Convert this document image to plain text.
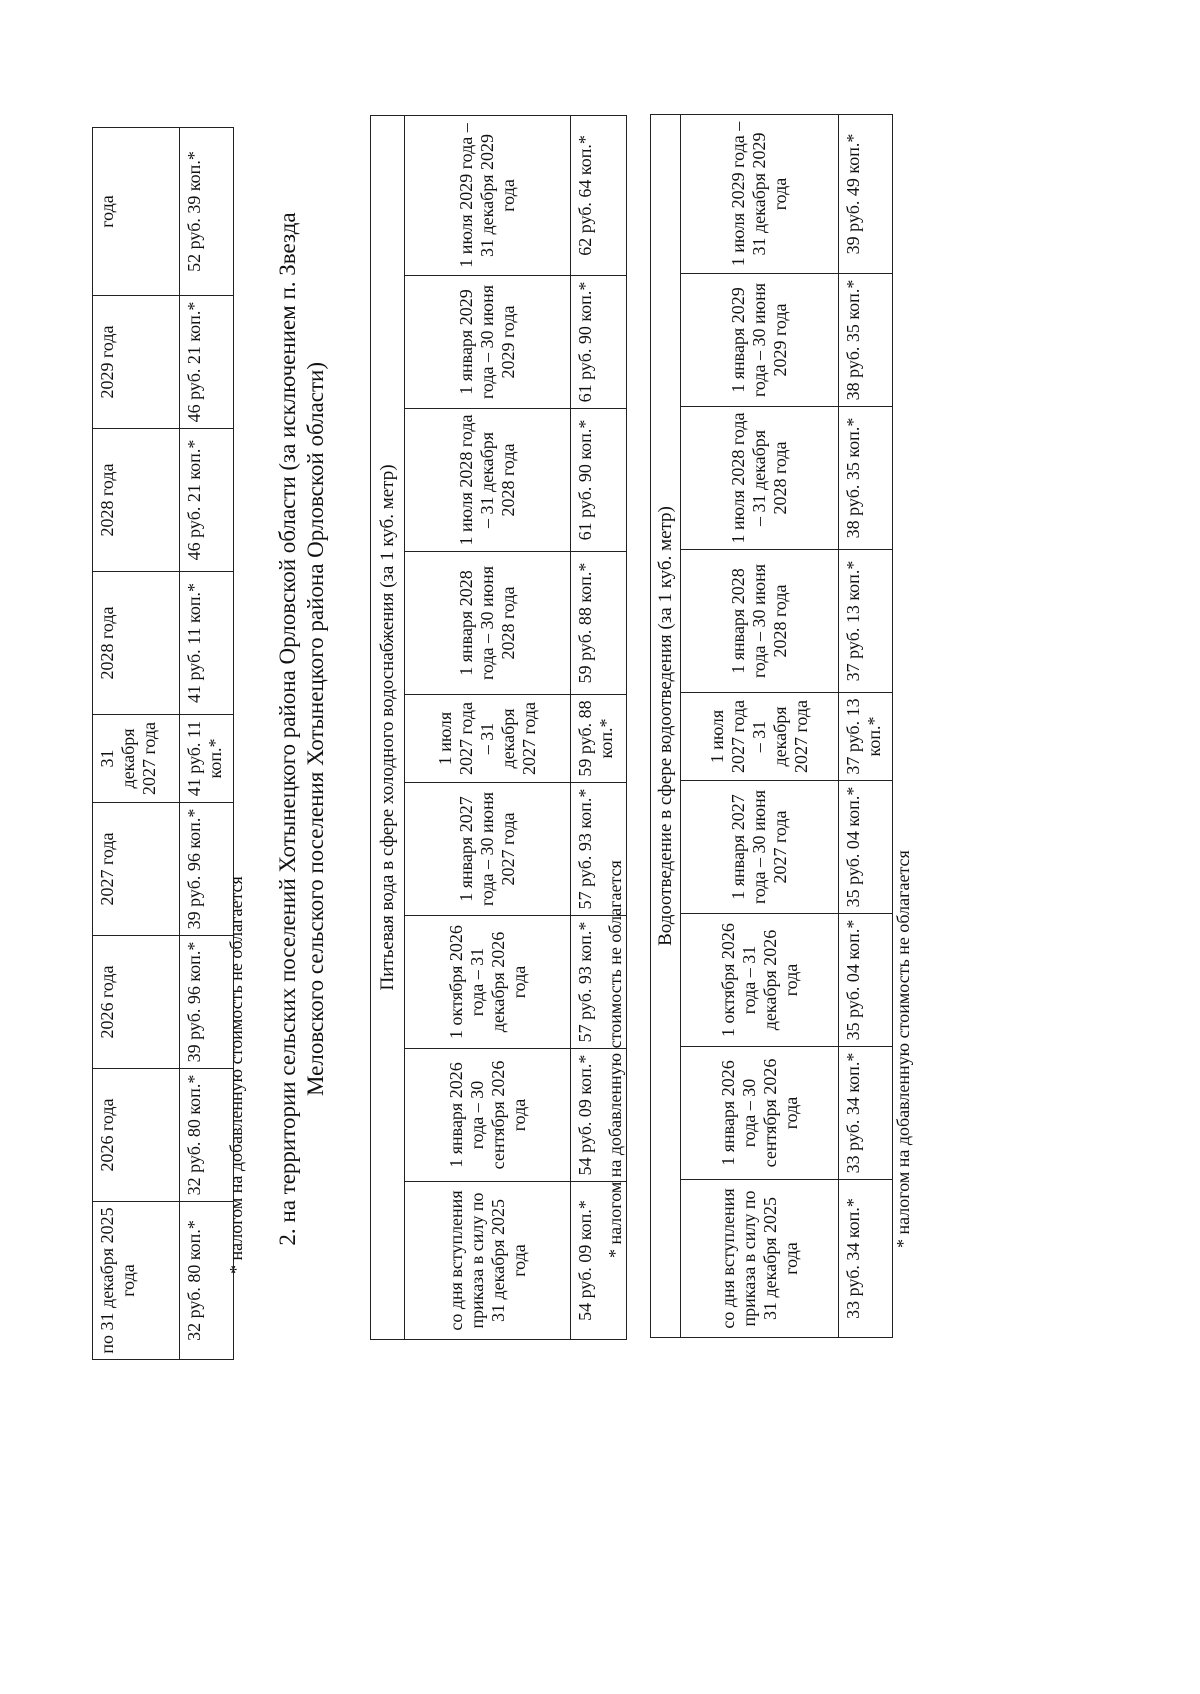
по 31 декабря 2025 года	2026 года	2026 года	2027 года	31 декабря 2027 года	2028 года	2028 года	2029 года	года
32 руб. 80 коп.*	32 руб. 80 коп.*	39 руб. 96 коп.*	39 руб. 96 коп.*	41 руб. 11 коп.*	41 руб. 11 коп.*	46 руб. 21 коп.*	46 руб. 21 коп.*	52 руб. 39 коп.*
* налогом на добавленную стоимость не облагается 2. на территории сельских поселений Хотынецкого района Орловской области (за исключением п. Звезда Меловского сельского поселения Хотынецкого района Орловской области)	Питьевая вода в сфере холодного водоснабжения (за 1 куб. метр)								
со дня вступления приказа в силу по 31 декабря 2025 года	1 января 2026 года – 30 сентября 2026 года	1 октября 2026 года – 31 декабря 2026 года	1 января 2027 года – 30 июня 2027 года	1 июля 2027 года – 31 декабря 2027 года	1 января 2028 года – 30 июня 2028 года	1 июля 2028 года – 31 декабря 2028 года	1 января 2029 года – 30 июня 2029 года	1 июля 2029 года – 31 декабря 2029 года
54 руб. 09 коп.*	54 руб. 09 коп.*	57 руб. 93 коп.*	57 руб. 93 коп.*	59 руб. 88 коп.*	59 руб. 88 коп.*	61 руб. 90 коп.*	61 руб. 90 коп.*	62 руб. 64 коп.*
* налогом на добавленную стоимость не облагается
Водоотведение в сфере водоотведения (за 1 куб. метр)								
со дня вступления приказа в силу по 31 декабря 2025 года	1 января 2026 года – 30 сентября 2026 года	1 октября 2026 года – 31 декабря 2026 года	1 января 2027 года – 30 июня 2027 года	1 июля 2027 года – 31 декабря 2027 года	1 января 2028 года – 30 июня 2028 года	1 июля 2028 года – 31 декабря 2028 года	1 января 2029 года – 30 июня 2029 года	1 июля 2029 года – 31 декабря 2029 года
33 руб. 34 коп.*	33 руб. 34 коп.*	35 руб. 04 коп.*	35 руб. 04 коп.*	37 руб. 13 коп.*	37 руб. 13 коп.*	38 руб. 35 коп.*	38 руб. 35 коп.*	39 руб. 49 коп.*
* налогом на добавленную стоимость не облагается
